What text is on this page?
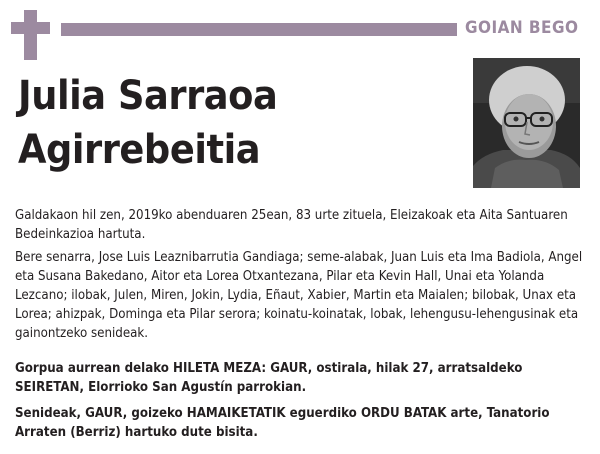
GOIAN BEGO
Julia Sarraoa
Agirrebeitia

Galdakaon hil zen, 2019ko abenduaren 25ean, 83 urte zituela, Eleizakoak eta Aita Santuaren Bedeinkazioa hartuta.

Bere senarra, Jose Luis Leaznibarrutia Gandiaga; seme-alabak, Juan Luis eta Ima Badiola, Angel eta Susana Bakedano, Aitor eta Lorea Otxantezana, Pilar eta Kevin Hall, Unai eta Yolanda Lezcano; ilobak, Julen, Miren, Jokin, Lydia, Eñaut, Xabier, Martin eta Maialen; bilobak, Unax eta Lorea; ahizpak, Dominga eta Pilar serora; koinatu-koinatak, lobak, lehengusu-lehengusinak eta gainontzeko senideak.

Gorpua aurrean delako HILETA MEZA: GAUR, ostirala, hilak 27, arratsaldeko SEIRETAN, Elorrioko San Agustín parrokian.

Senideak, GAUR, goizeko HAMAIKETATIK eguerdiko ORDU BATAK arte, Tanatorio Arraten (Berriz) hartuko dute bisita.
